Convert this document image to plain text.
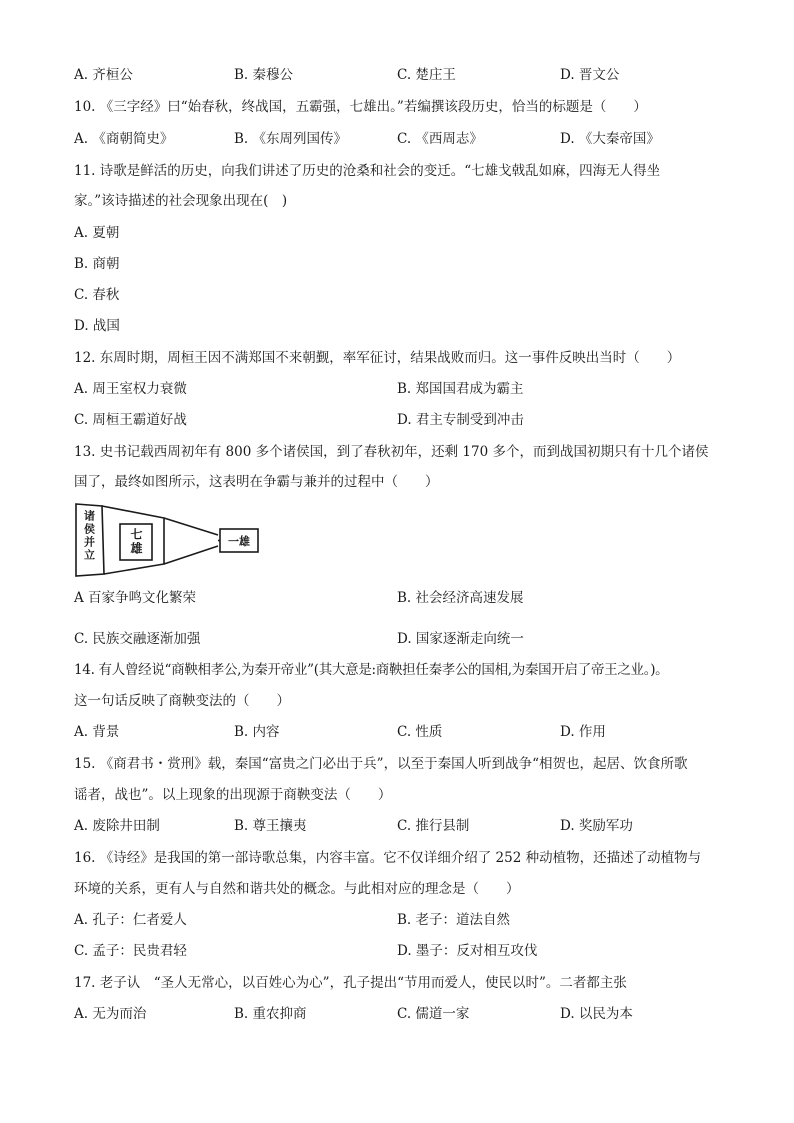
A. 齐桓公	B. 秦穆公	C. 楚庄王	D. 晋文公
10. 《三字经》曰“始春秋，终战国，五霸强，七雄出。”若编撰该段历史，恰当的标题是（　　）
A. 《商朝简史》	B. 《东周列国传》	C. 《西周志》	D. 《大秦帝国》
11. 诗歌是鲜活的历史，向我们讲述了历史的沧桑和社会的变迁。“七雄戈戟乱如麻，四海无人得坐
家。”该诗描述的社会现象出现在(　)
A. 夏朝
B. 商朝
C. 春秋
D. 战国
12. 东周时期，周桓王因不满郑国不来朝觐，率军征讨，结果战败而归。这一事件反映出当时（　　）
A. 周王室权力衰微	B. 郑国国君成为霸主
C. 周桓王霸道好战	D. 君主专制受到冲击
13. 史书记载西周初年有 800 多个诸侯国，到了春秋初年，还剩 170 多个，而到战国初期只有十几个诸侯
国了，最终如图所示，这表明在争霸与兼并的过程中（　　）
诸侯并立	七雄	一雄
A 百家争鸣文化繁荣	B. 社会经济高速发展
C. 民族交融逐渐加强	D. 国家逐渐走向统一
14. 有人曾经说“商鞅相孝公,为秦开帝业”(其大意是:商鞅担任秦孝公的国相,为秦国开启了帝王之业。)。
这一句话反映了商鞅变法的（　　）
A. 背景	B. 内容	C. 性质	D. 作用
15. 《商君书・赏刑》载，秦国“富贵之门必出于兵”，以至于秦国人听到战争“相贺也，起居、饮食所歌
谣者，战也”。以上现象的出现源于商鞅变法（　　）
A. 废除井田制	B. 尊王攘夷	C. 推行县制	D. 奖励军功
16. 《诗经》是我国的第一部诗歌总集，内容丰富。它不仅详细介绍了 252 种动植物，还描述了动植物与
环境的关系，更有人与自然和谐共处的概念。与此相对应的理念是（　　）
A. 孔子：仁者爱人	B. 老子：道法自然
C. 孟子：民贵君轻	D. 墨子：反对相互攻伐
17. 老子认　“圣人无常心，以百姓心为心”，孔子提出“节用而爱人，使民以时”。二者都主张
A. 无为而治	B. 重农抑商	C. 儒道一家	D. 以民为本
